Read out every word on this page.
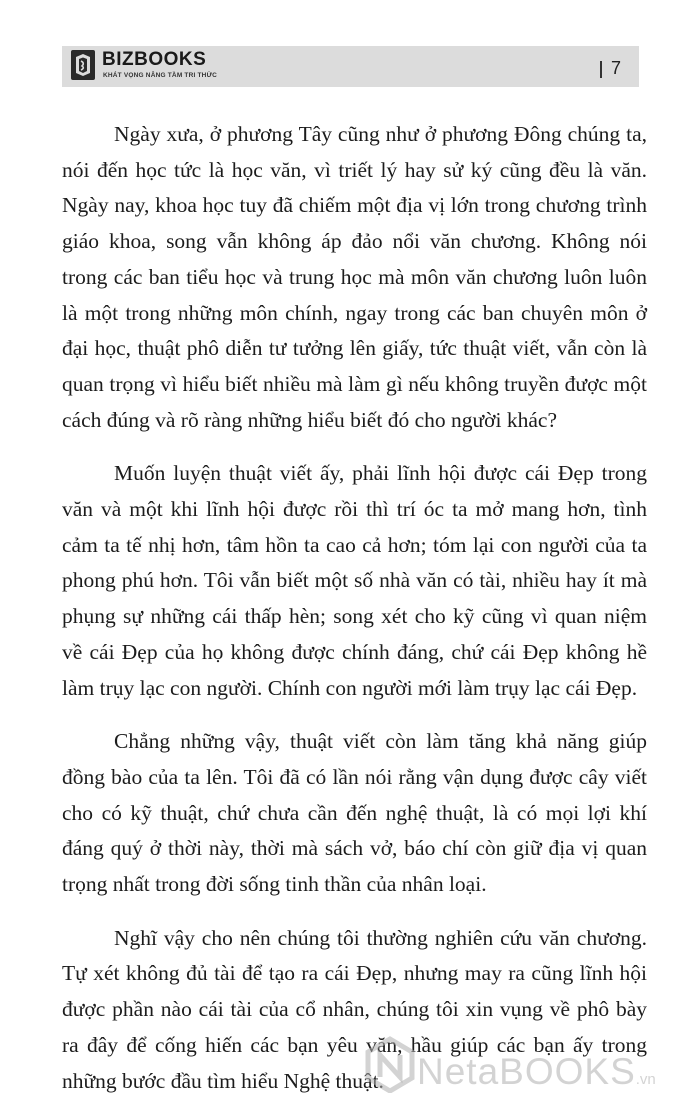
BIZBOOKS
KHÁT VỌNG NÂNG TẦM TRI THỨC	7

Ngày xưa, ở phương Tây cũng như ở phương Đông chúng ta, nói đến học tức là học văn, vì triết lý hay sử ký cũng đều là văn. Ngày nay, khoa học tuy đã chiếm một địa vị lớn trong chương trình giáo khoa, song vẫn không áp đảo nổi văn chương. Không nói trong các ban tiểu học và trung học mà môn văn chương luôn luôn là một trong những môn chính, ngay trong các ban chuyên môn ở đại học, thuật phô diễn tư tưởng lên giấy, tức thuật viết, vẫn còn là quan trọng vì hiểu biết nhiều mà làm gì nếu không truyền được một cách đúng và rõ ràng những hiểu biết đó cho người khác?

Muốn luyện thuật viết ấy, phải lĩnh hội được cái Đẹp trong văn và một khi lĩnh hội được rồi thì trí óc ta mở mang hơn, tình cảm ta tế nhị hơn, tâm hồn ta cao cả hơn; tóm lại con người của ta phong phú hơn. Tôi vẫn biết một số nhà văn có tài, nhiều hay ít mà phụng sự những cái thấp hèn; song xét cho kỹ cũng vì quan niệm về cái Đẹp của họ không được chính đáng, chứ cái Đẹp không hề làm trụy lạc con người. Chính con người mới làm trụy lạc cái Đẹp.

Chẳng những vậy, thuật viết còn làm tăng khả năng giúp đồng bào của ta lên. Tôi đã có lần nói rằng vận dụng được cây viết cho có kỹ thuật, chứ chưa cần đến nghệ thuật, là có mọi lợi khí đáng quý ở thời này, thời mà sách vở, báo chí còn giữ địa vị quan trọng nhất trong đời sống tinh thần của nhân loại.

Nghĩ vậy cho nên chúng tôi thường nghiên cứu văn chương. Tự xét không đủ tài để tạo ra cái Đẹp, nhưng may ra cũng lĩnh hội được phần nào cái tài của cổ nhân, chúng tôi xin vụng về phô bày ra đây để cống hiến các bạn yêu văn, hầu giúp các bạn ấy trong những bước đầu tìm hiểu Nghệ thuật. NetaBOOKS.vn
